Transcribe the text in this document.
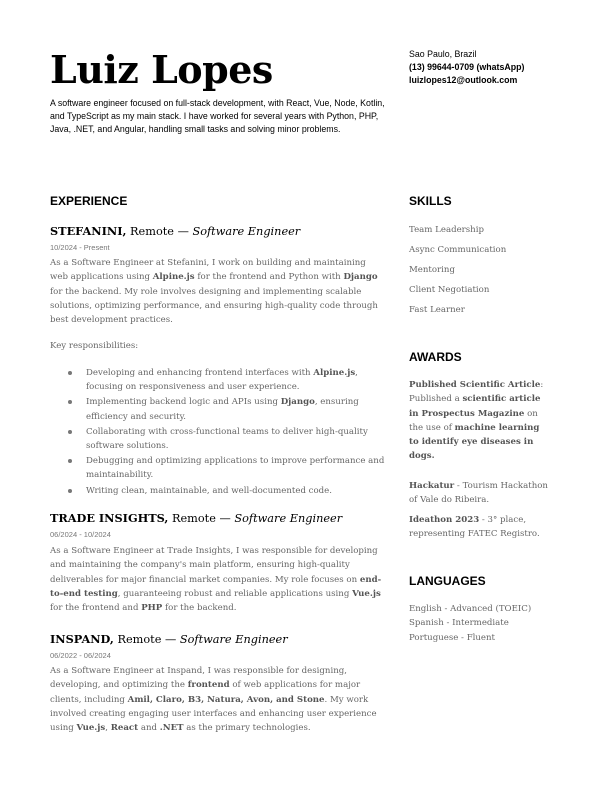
Luiz Lopes
A software engineer focused on full-stack development, with React, Vue, Node, Kotlin, and TypeScript as my main stack. I have worked for several years with Python, PHP, Java, .NET, and Angular, handling small tasks and solving minor problems.
Sao Paulo, Brazil
(13) 99644-0709 (whatsApp)
luizlopes12@outlook.com
EXPERIENCE
STEFANINI, Remote — Software Engineer
10/2024 - Present
As a Software Engineer at Stefanini, I work on building and maintaining web applications using Alpine.js for the frontend and Python with Django for the backend. My role involves designing and implementing scalable solutions, optimizing performance, and ensuring high-quality code through best development practices.
Key responsibilities:
Developing and enhancing frontend interfaces with Alpine.js, focusing on responsiveness and user experience.
Implementing backend logic and APIs using Django, ensuring efficiency and security.
Collaborating with cross-functional teams to deliver high-quality software solutions.
Debugging and optimizing applications to improve performance and maintainability.
Writing clean, maintainable, and well-documented code.
TRADE INSIGHTS, Remote — Software Engineer
06/2024 - 10/2024
As a Software Engineer at Trade Insights, I was responsible for developing and maintaining the company's main platform, ensuring high-quality deliverables for major financial market companies. My role focuses on end-to-end testing, guaranteeing robust and reliable applications using Vue.js for the frontend and PHP for the backend.
INSPAND, Remote — Software Engineer
06/2022 - 06/2024
As a Software Engineer at Inspand, I was responsible for designing, developing, and optimizing the frontend of web applications for major clients, including Amil, Claro, B3, Natura, Avon, and Stone. My work involved creating engaging user interfaces and enhancing user experience using Vue.js, React and .NET as the primary technologies.
SKILLS
Team Leadership
Async Communication
Mentoring
Client Negotiation
Fast Learner
AWARDS
Published Scientific Article: Published a scientific article in Prospectus Magazine on the use of machine learning to identify eye diseases in dogs.
Hackatur - Tourism Hackathon of Vale do Ribeira.
Ideathon 2023 - 3° place, representing FATEC Registro.
LANGUAGES
English - Advanced (TOEIC)
Spanish - Intermediate
Portuguese - Fluent
